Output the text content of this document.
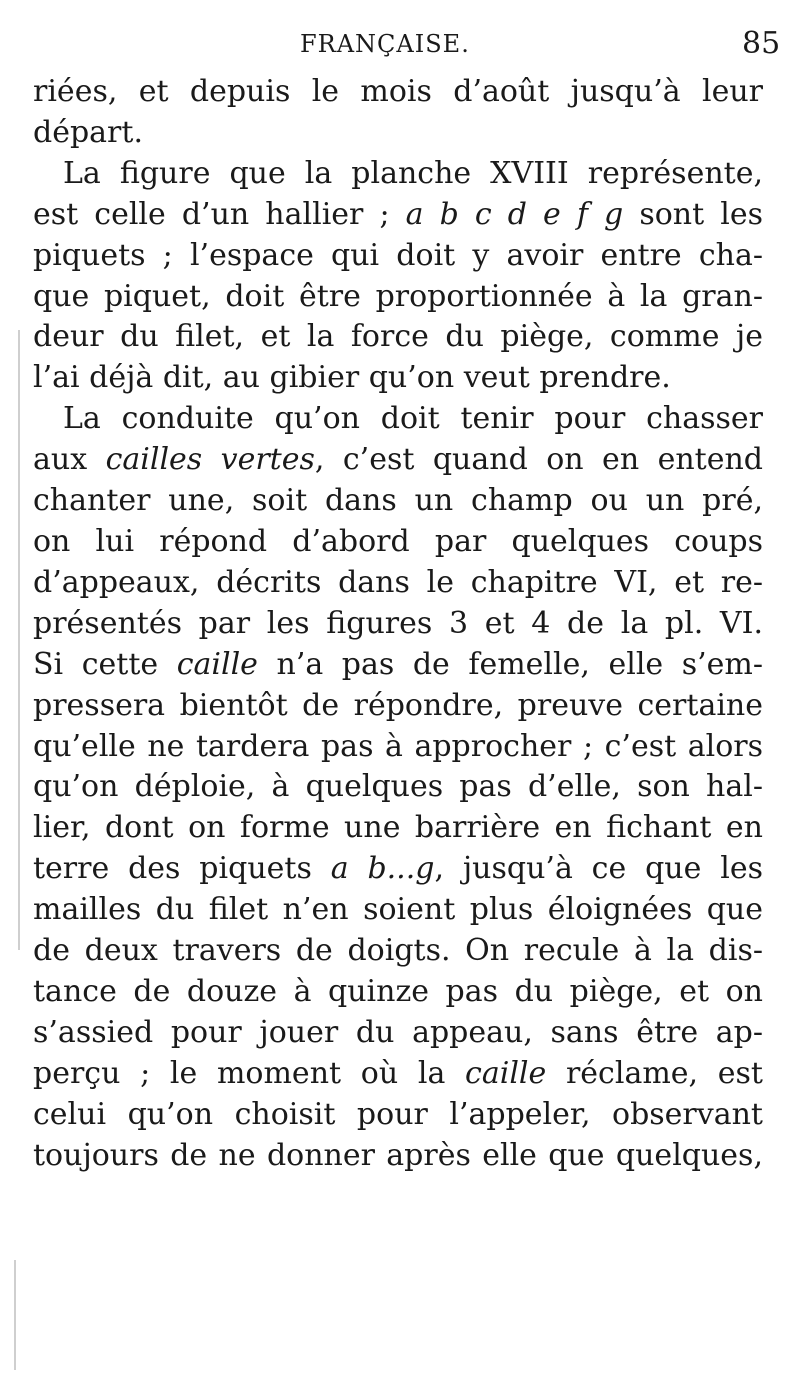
FRANÇAISE.	85
riées, et depuis le mois d’août jusqu’à leur
départ.
La figure que la planche XVIII représente,
est celle d’un hallier ; a b c d e f g sont les
piquets ; l’espace qui doit y avoir entre cha-
que piquet, doit être proportionnée à la gran-
deur du filet, et la force du piège, comme je
l’ai déjà dit, au gibier qu’on veut prendre.
La conduite qu’on doit tenir pour chasser
aux cailles vertes, c’est quand on en entend
chanter une, soit dans un champ ou un pré,
on lui répond d’abord par quelques coups
d’appeaux, décrits dans le chapitre VI, et re-
présentés par les figures 3 et 4 de la pl. VI.
Si cette caille n’a pas de femelle, elle s’em-
pressera bientôt de répondre, preuve certaine
qu’elle ne tardera pas à approcher ; c’est alors
qu’on déploie, à quelques pas d’elle, son hal-
lier, dont on forme une barrière en fichant en
terre des piquets a b...g, jusqu’à ce que les
mailles du filet n’en soient plus éloignées que
de deux travers de doigts. On recule à la dis-
tance de douze à quinze pas du piège, et on
s’assied pour jouer du appeau, sans être ap-
perçu ; le moment où la caille réclame, est
celui qu’on choisit pour l’appeler, observant
toujours de ne donner après elle que quelques,
